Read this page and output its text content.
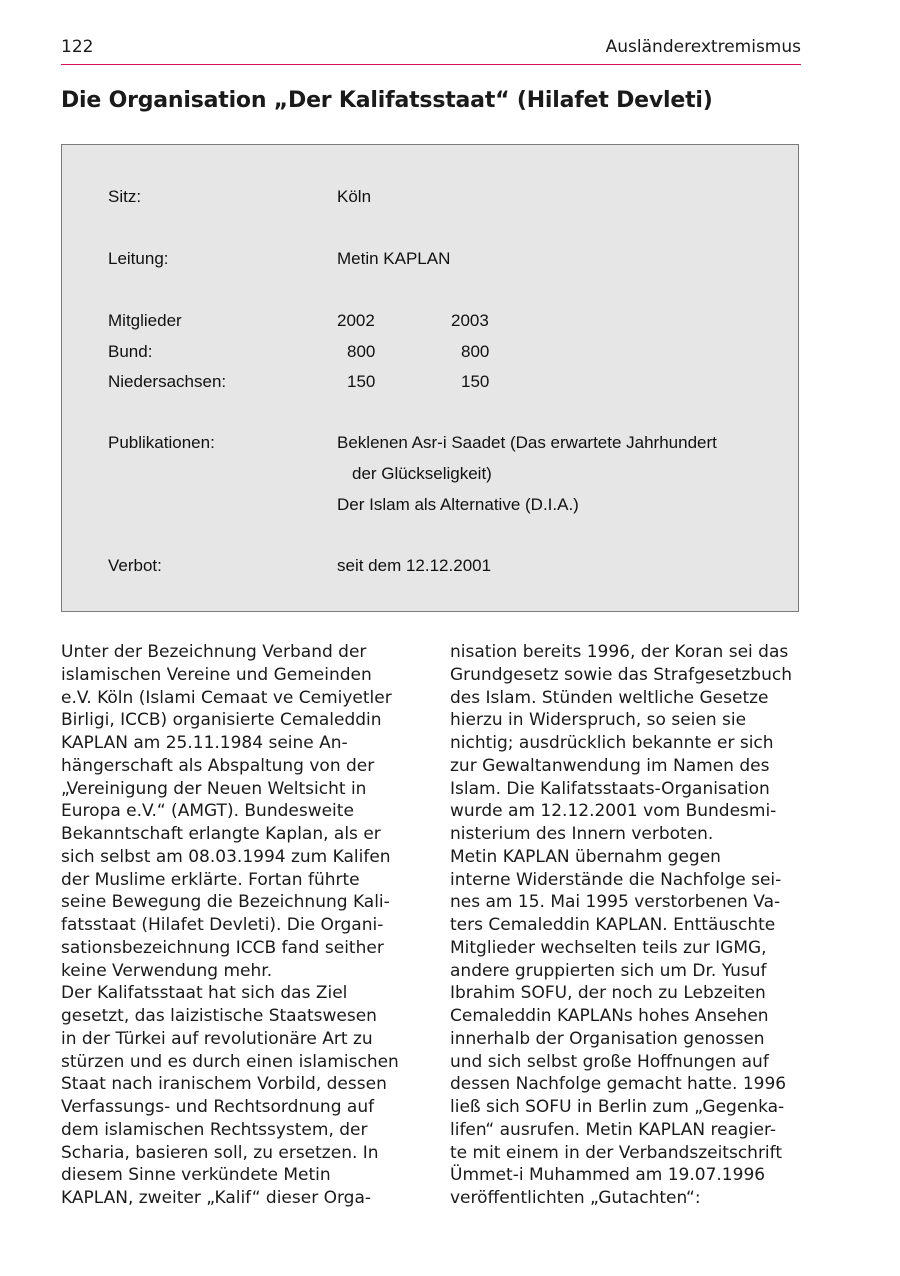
122	Ausländerextremismus
Die Organisation „Der Kalifatsstaat“ (Hilafet Devleti)
Sitz:	Köln
Leitung:	Metin KAPLAN
Mitglieder	2002	2003
Bund:	800	800
Niedersachsen:	150	150
Publikationen:	Beklenen Asr-i Saadet (Das erwartete Jahrhundert
der Glückseligkeit)
Der Islam als Alternative (D.I.A.)
Verbot:	seit dem 12.12.2001
Unter der Bezeichnung Verband der
islamischen Vereine und Gemeinden
e.V. Köln (Islami Cemaat ve Cemiyetler
Birligi, ICCB) organisierte Cemaleddin
KAPLAN am 25.11.1984 seine An-
hängerschaft als Abspaltung von der
„Vereinigung der Neuen Weltsicht in
Europa e.V.“ (AMGT). Bundesweite
Bekanntschaft erlangte Kaplan, als er
sich selbst am 08.03.1994 zum Kalifen
der Muslime erklärte. Fortan führte
seine Bewegung die Bezeichnung Kali-
fatsstaat (Hilafet Devleti). Die Organi-
sationsbezeichnung ICCB fand seither
keine Verwendung mehr.
Der Kalifatsstaat hat sich das Ziel
gesetzt, das laizistische Staatswesen
in der Türkei auf revolutionäre Art zu
stürzen und es durch einen islamischen
Staat nach iranischem Vorbild, dessen
Verfassungs- und Rechtsordnung auf
dem islamischen Rechtssystem, der
Scharia, basieren soll, zu ersetzen. In
diesem Sinne verkündete Metin
KAPLAN, zweiter „Kalif“ dieser Orga-
nisation bereits 1996, der Koran sei das
Grundgesetz sowie das Strafgesetzbuch
des Islam. Stünden weltliche Gesetze
hierzu in Widerspruch, so seien sie
nichtig; ausdrücklich bekannte er sich
zur Gewaltanwendung im Namen des
Islam. Die Kalifatsstaats-Organisation
wurde am 12.12.2001 vom Bundesmi-
nisterium des Innern verboten.
Metin KAPLAN übernahm gegen
interne Widerstände die Nachfolge sei-
nes am 15. Mai 1995 verstorbenen Va-
ters Cemaleddin KAPLAN. Enttäuschte
Mitglieder wechselten teils zur IGMG,
andere gruppierten sich um Dr. Yusuf
Ibrahim SOFU, der noch zu Lebzeiten
Cemaleddin KAPLANs hohes Ansehen
innerhalb der Organisation genossen
und sich selbst große Hoffnungen auf
dessen Nachfolge gemacht hatte. 1996
ließ sich SOFU in Berlin zum „Gegenka-
lifen“ ausrufen. Metin KAPLAN reagier-
te mit einem in der Verbandszeitschrift
Ümmet-i Muhammed am 19.07.1996
veröffentlichten „Gutachten“:
